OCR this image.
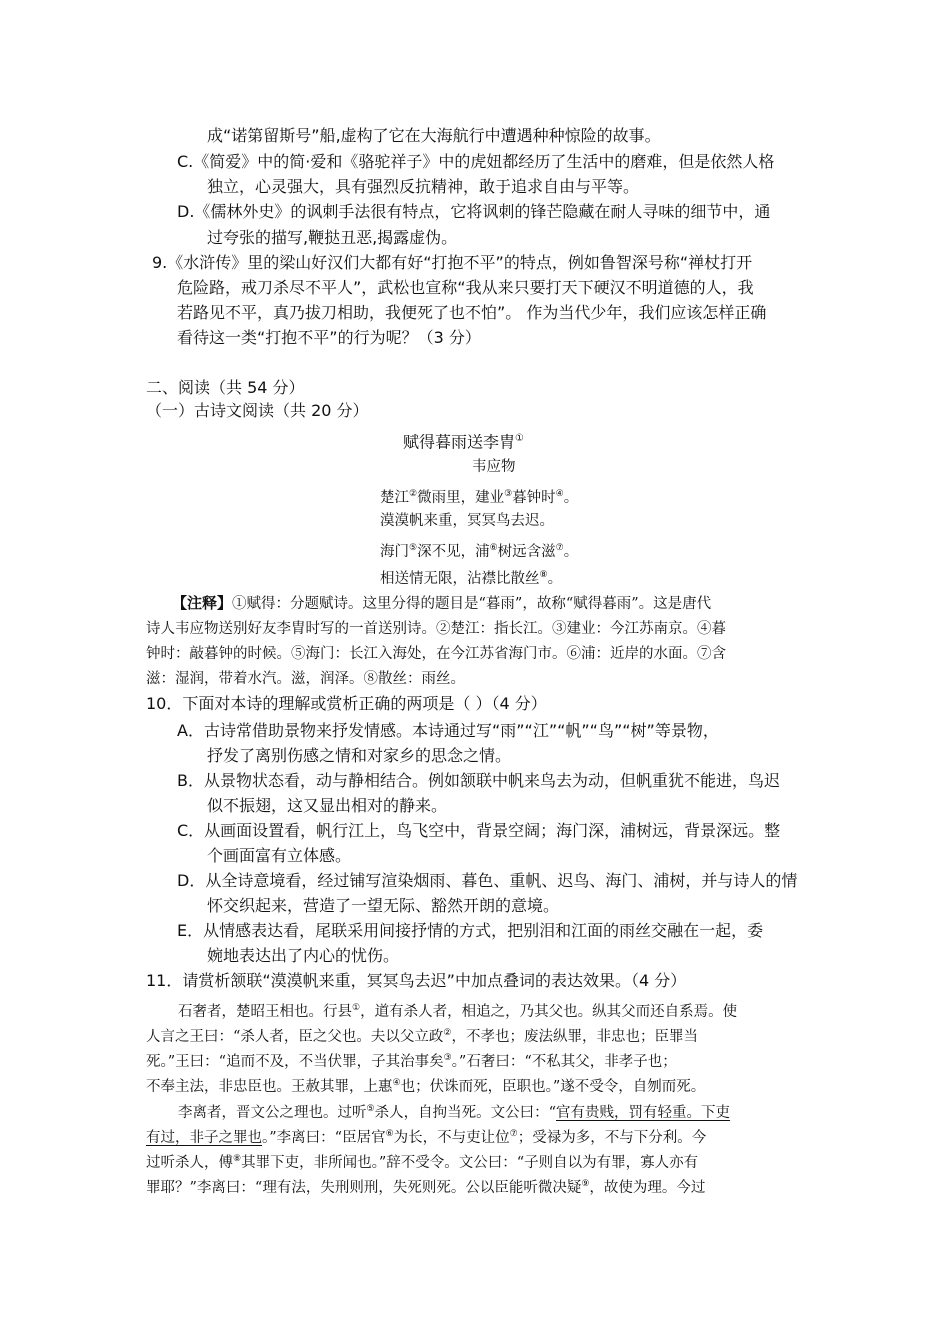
成“诺第留斯号”船,虚构了它在大海航行中遭遇种种惊险的故事。
C.《简爱》中的简·爱和《骆驼祥子》中的虎妞都经历了生活中的磨难，但是依然人格
独立，心灵强大，具有强烈反抗精神，敢于追求自由与平等。
D.《儒林外史》的讽刺手法很有特点，它将讽刺的锋芒隐藏在耐人寻味的细节中，通
过夸张的描写,鞭挞丑恶,揭露虚伪。
9.《水浒传》里的梁山好汉们大都有好“打抱不平”的特点，例如鲁智深号称“禅杖打开
危险路，戒刀杀尽不平人”，武松也宣称“我从来只要打天下硬汉不明道德的人，我
若路见不平，真乃拔刀相助，我便死了也不怕”。 作为当代少年，我们应该怎样正确
看待这一类“打抱不平”的行为呢？（3 分）
二、阅读（共 54 分）
（一）古诗文阅读（共 20 分）
赋得暮雨送李胄①
韦应物
楚江②微雨里，建业③暮钟时④。
漠漠帆来重，冥冥鸟去迟。
海门⑤深不见，浦⑥树远含滋⑦。
相送情无限，沾襟比散丝⑧。
【注释】①赋得：分题赋诗。这里分得的题目是“暮雨”，故称“赋得暮雨”。这是唐代
诗人韦应物送别好友李胄时写的一首送别诗。②楚江：指长江。③建业：今江苏南京。④暮
钟时：敲暮钟的时候。⑤海门：长江入海处，在今江苏省海门市。⑥浦：近岸的水面。⑦含
滋：湿润，带着水汽。滋，润泽。⑧散丝：雨丝。
10．下面对本诗的理解或赏析正确的两项是（ ）（4 分）
A．古诗常借助景物来抒发情感。本诗通过写“雨”“江”“帆”“鸟”“树”等景物，
抒发了离别伤感之情和对家乡的思念之情。
B．从景物状态看，动与静相结合。例如颔联中帆来鸟去为动，但帆重犹不能进，鸟迟
似不振翅，这又显出相对的静来。
C．从画面设置看，帆行江上，鸟飞空中，背景空阔；海门深，浦树远，背景深远。整
个画面富有立体感。
D．从全诗意境看，经过铺写渲染烟雨、暮色、重帆、迟鸟、海门、浦树，并与诗人的情
怀交织起来，营造了一望无际、豁然开朗的意境。
E．从情感表达看，尾联采用间接抒情的方式，把别泪和江面的雨丝交融在一起，委
婉地表达出了内心的忧伤。
11．请赏析颔联“漠漠帆来重，冥冥鸟去迟”中加点叠词的表达效果。（4 分）
石奢者，楚昭王相也。行县①，道有杀人者，相追之，乃其父也。纵其父而还自系焉。使
人言之王曰：“杀人者，臣之父也。夫以父立政②，不孝也；废法纵罪，非忠也；臣罪当
死。”王曰：“追而不及，不当伏罪，子其治事矣③。”石奢曰：“不私其父，非孝子也；
不奉主法，非忠臣也。王赦其罪，上惠④也；伏诛而死，臣职也。”遂不受令，自刎而死。
李离者，晋文公之理也。过听⑤杀人，自拘当死。文公曰：“官有贵贱，罚有轻重。下吏
有过，非子之罪也。”李离曰：“臣居官⑥为长，不与吏让位⑦；受禄为多，不与下分利。今
过听杀人，傅⑧其罪下吏，非所闻也。”辞不受令。文公曰：“子则自以为有罪，寡人亦有
罪耶？”李离曰：“理有法，失刑则刑，失死则死。公以臣能听微决疑⑨，故使为理。今过
